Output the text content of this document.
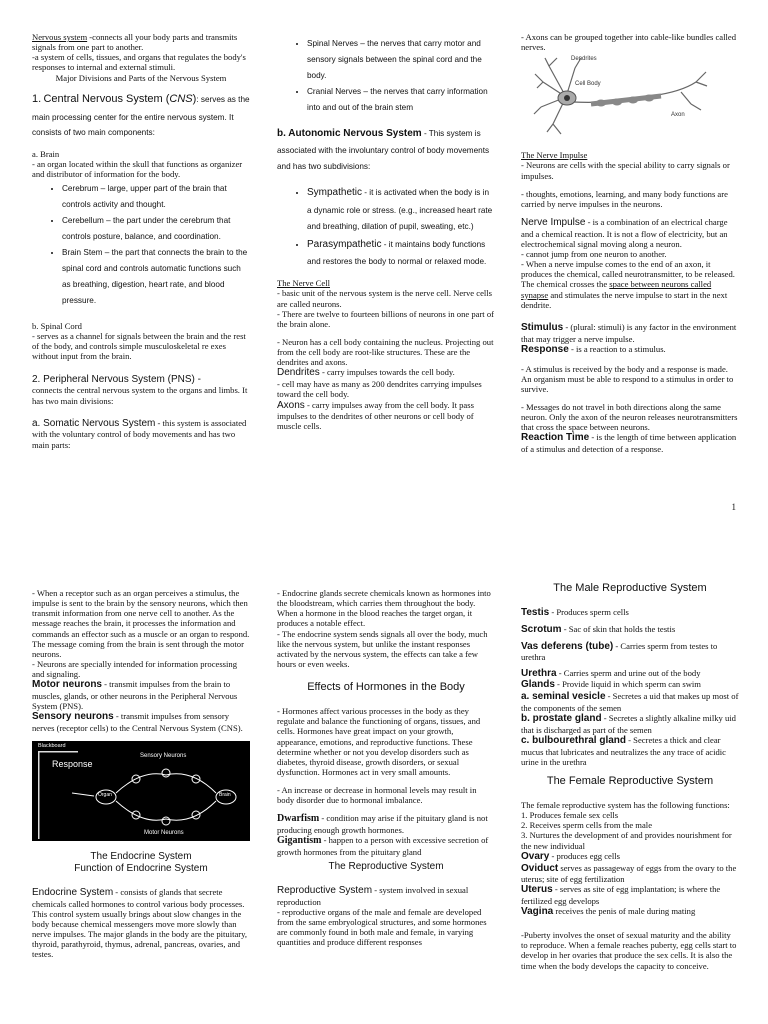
Nervous system -connects all your body parts and transmits signals from one part to another.

-a system of cells, tissues, and organs that regulates the body's responses to internal and external stimuli.

Major Divisions and Parts of the Nervous System

1. Central Nervous System (CNS): serves as the main processing center for the entire nervous system. It consists of two main components:

a. Brain

- an organ located within the skull that functions as organizer and distributor of information for the body.

• Cerebrum – large, upper part of the brain that controls activity and thought.
• Cerebellum – the part under the cerebrum that controls posture, balance, and coordination.
• Brain Stem – the part that connects the brain to the spinal cord and controls automatic functions such as breathing, digestion, heart rate, and blood pressure.

b. Spinal Cord

- serves as a channel for signals between the brain and the rest of the body, and controls simple musculoskeletal re exes without input from the brain.

2. Peripheral Nervous System (PNS) -

connects the central nervous system to the organs and limbs. It has two main divisions:

a. Somatic Nervous System - this system is associated with the voluntary control of body movements and has two main parts:

• Spinal Nerves – the nerves that carry motor and sensory signals between the spinal cord and the body.
• Cranial Nerves – the nerves that carry information into and out of the brain stem

b. Autonomic Nervous System - This system is associated with the involuntary control of body movements and has two subdivisions:

• Sympathetic - it is activated when the body is in a dynamic role or stress. (e.g., increased heart rate and breathing, dilation of pupil, sweating, etc.)
• Parasympathetic - it maintains body functions and restores the body to normal or relaxed mode.

The Nerve Cell

- basic unit of the nervous system is the nerve cell. Nerve cells are called neurons.

- There are twelve to fourteen billions of neurons in one part of the brain alone.

- Neuron has a cell body containing the nucleus. Projecting out from the cell body are root-like structures. These are the dendrites and axons.

Dendrites - carry impulses towards the cell body.

- cell may have as many as 200 dendrites carrying impulses toward the cell body.

Axons - carry impulses away from the cell body. It pass impulses to the dendrites of other neurons or cell body of muscle cells.

- Axons can be grouped together into cable-like bundles called nerves.

Dendrites
Cell Body
Axon

The Nerve Impulse

- Neurons are cells with the special ability to carry signals or impulses.

- thoughts, emotions, learning, and many body functions are carried by nerve impulses in the neurons.

Nerve Impulse - is a combination of an electrical charge and a chemical reaction. It is not a flow of electricity, but an electrochemical signal moving along a neuron.

- cannot jump from one neuron to another.

- When a nerve impulse comes to the end of an axon, it produces the chemical, called neurotransmitter, to be released. The chemical crosses the space between neurons called synapse and stimulates the nerve impulse to start in the next dendrite.

Stimulus - (plural: stimuli) is any factor in the environment that may trigger a nerve impulse.

Response - is a reaction to a stimulus.

- A stimulus is received by the body and a response is made. An organism must be able to respond to a stimulus in order to survive.

- Messages do not travel in both directions along the same neuron. Only the axon of the neuron releases neurotransmitters that cross the space between neurons.

Reaction Time - is the length of time between application of a stimulus and detection of a response.

1

- When a receptor such as an organ perceives a stimulus, the impulse is sent to the brain by the sensory neurons, which then transmit information from one nerve cell to another. As the message reaches the brain, it processes the information and commands an effector such as a muscle or an organ to respond. The message coming from the brain is sent through the motor neurons.

- Neurons are specially intended for information processing and signaling.

Motor neurons - transmit impulses from the brain to muscles, glands, or other neurons in the Peripheral Nervous System (PNS).

Sensory neurons - transmit impulses from sensory nerves (receptor cells) to the Central Nervous System (CNS).

Blackboard
Response
Sensory Neurons
Motor Neurons
Organ	Brain

The Endocrine System

Function of Endocrine System

Endocrine System - consists of glands that secrete chemicals called hormones to control various body processes. This control system usually brings about slow changes in the body because chemical messengers move more slowly than nerve impulses. The major glands in the body are the pituitary, thyroid, parathyroid, thymus, adrenal, pancreas, ovaries, and testes.

- Endocrine glands secrete chemicals known as hormones into the bloodstream, which carries them throughout the body. When a hormone in the blood reaches the target organ, it produces a notable effect.

- The endocrine system sends signals all over the body, much like the nervous system, but unlike the instant responses activated by the nervous system, the effects can take a few hours or even weeks.

Effects of Hormones in the Body

- Hormones affect various processes in the body as they regulate and balance the functioning of organs, tissues, and cells. Hormones have great impact on your growth, appearance, emotions, and reproductive functions. These determine whether or not you develop disorders such as diabetes, thyroid disease, growth disorders, or sexual dysfunction. Hormones act in very small amounts.

- An increase or decrease in hormonal levels may result in body disorder due to hormonal imbalance.

Dwarfism - condition may arise if the pituitary gland is not producing enough growth hormones.

Gigantism - happen to a person with excessive secretion of growth hormones from the pituitary gland

The Reproductive System

Reproductive System - system involved in sexual reproduction

- reproductive organs of the male and female are developed from the same embryological structures, and some hormones are commonly found in both male and female, in varying quantities and produce different responses

The Male Reproductive System

Testis - Produces sperm cells

Scrotum - Sac of skin that holds the testis

Vas deferens (tube) - Carries sperm from testes to urethra

Urethra - Carries sperm and urine out of the body

Glands - Provide liquid in which sperm can swim

a. seminal vesicle - Secretes a uid that makes up most of the components of the semen

b. prostate gland - Secretes a slightly alkaline milky uid that is discharged as part of the semen

c. bulbourethral gland - Secretes a thick and clear mucus that lubricates and neutralizes the any trace of acidic urine in the urethra

The Female Reproductive System

The female reproductive system has the following functions:

1. Produces female sex cells

2. Receives sperm cells from the male

3. Nurtures the development of and provides nourishment for the new individual

Ovary - produces egg cells

Oviduct serves as passageway of eggs from the ovary to the uterus; site of egg fertilization

Uterus - serves as site of egg implantation; is where the fertilized egg develops

Vagina receives the penis of male during mating

-Puberty involves the onset of sexual maturity and the ability to reproduce. When a female reaches puberty, egg cells start to develop in her ovaries that produce the sex cells. It is also the time when the body develops the capacity to conceive.
